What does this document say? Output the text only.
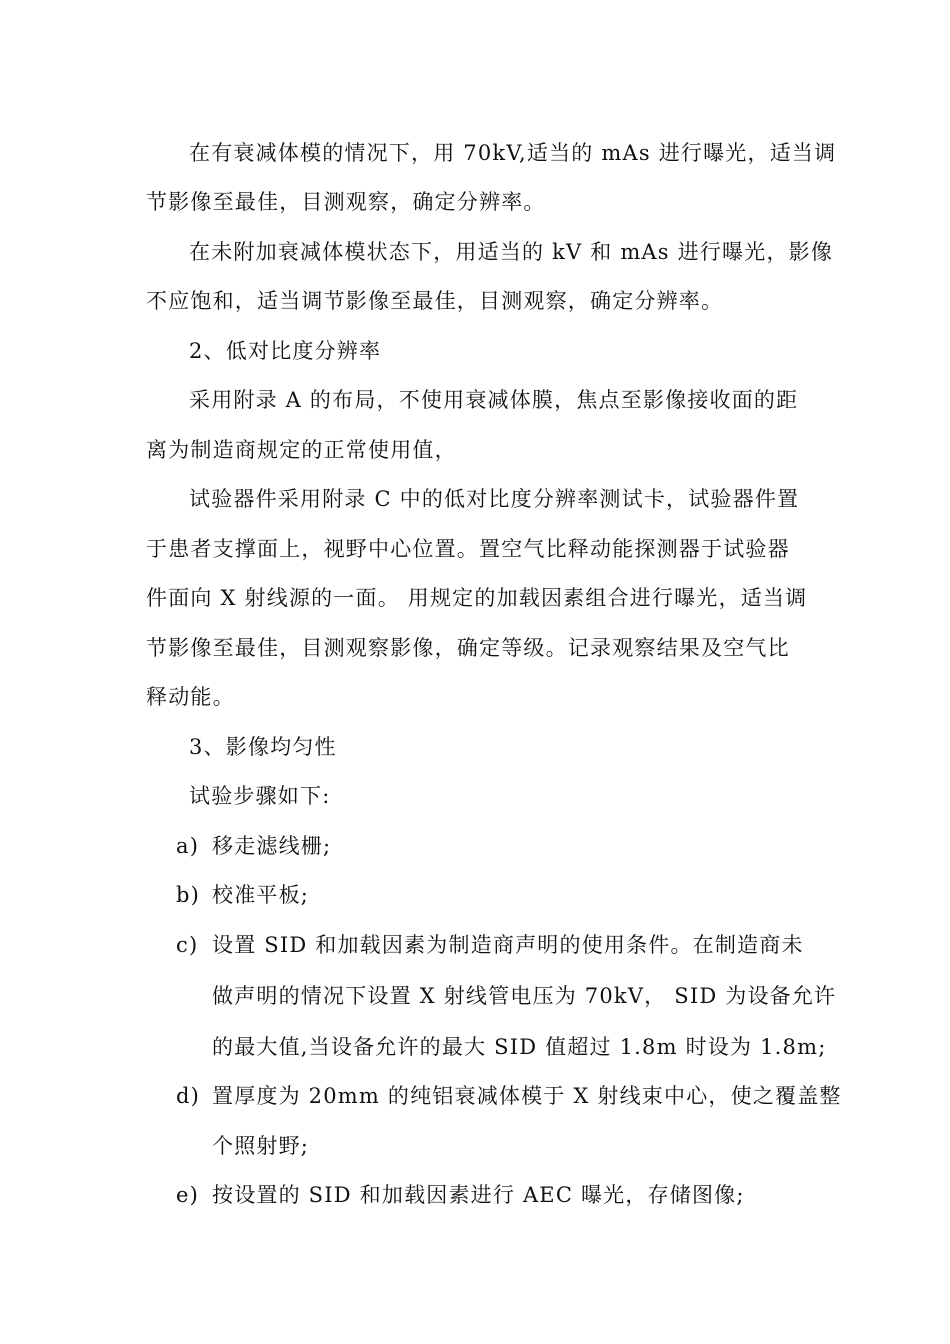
在有衰减体模的情况下，用 70kV,适当的 mAs 进行曝光，适当调
节影像至最佳，目测观察，确定分辨率。
在未附加衰减体模状态下，用适当的 kV 和 mAs 进行曝光，影像
不应饱和，适当调节影像至最佳，目测观察，确定分辨率。
2、低对比度分辨率
采用附录 A 的布局，不使用衰减体膜，焦点至影像接收面的距
离为制造商规定的正常使用值，
试验器件采用附录 C 中的低对比度分辨率测试卡，试验器件置
于患者支撑面上，视野中心位置。置空气比释动能探测器于试验器
件面向 X 射线源的一面。 用规定的加载因素组合进行曝光，适当调
节影像至最佳，目测观察影像，确定等级。记录观察结果及空气比
释动能。
3、影像均匀性
试验步骤如下:
a) 移走滤线栅;
b) 校准平板;
c) 设置 SID 和加载因素为制造商声明的使用条件。在制造商未
做声明的情况下设置 X 射线管电压为 70kV， SID 为设备允许
的最大值,当设备允许的最大 SID 值超过 1.8m 时设为 1.8m;
d) 置厚度为 20mm 的纯铝衰减体模于 X 射线束中心，使之覆盖整
个照射野;
e) 按设置的 SID 和加载因素进行 AEC 曝光，存储图像;
